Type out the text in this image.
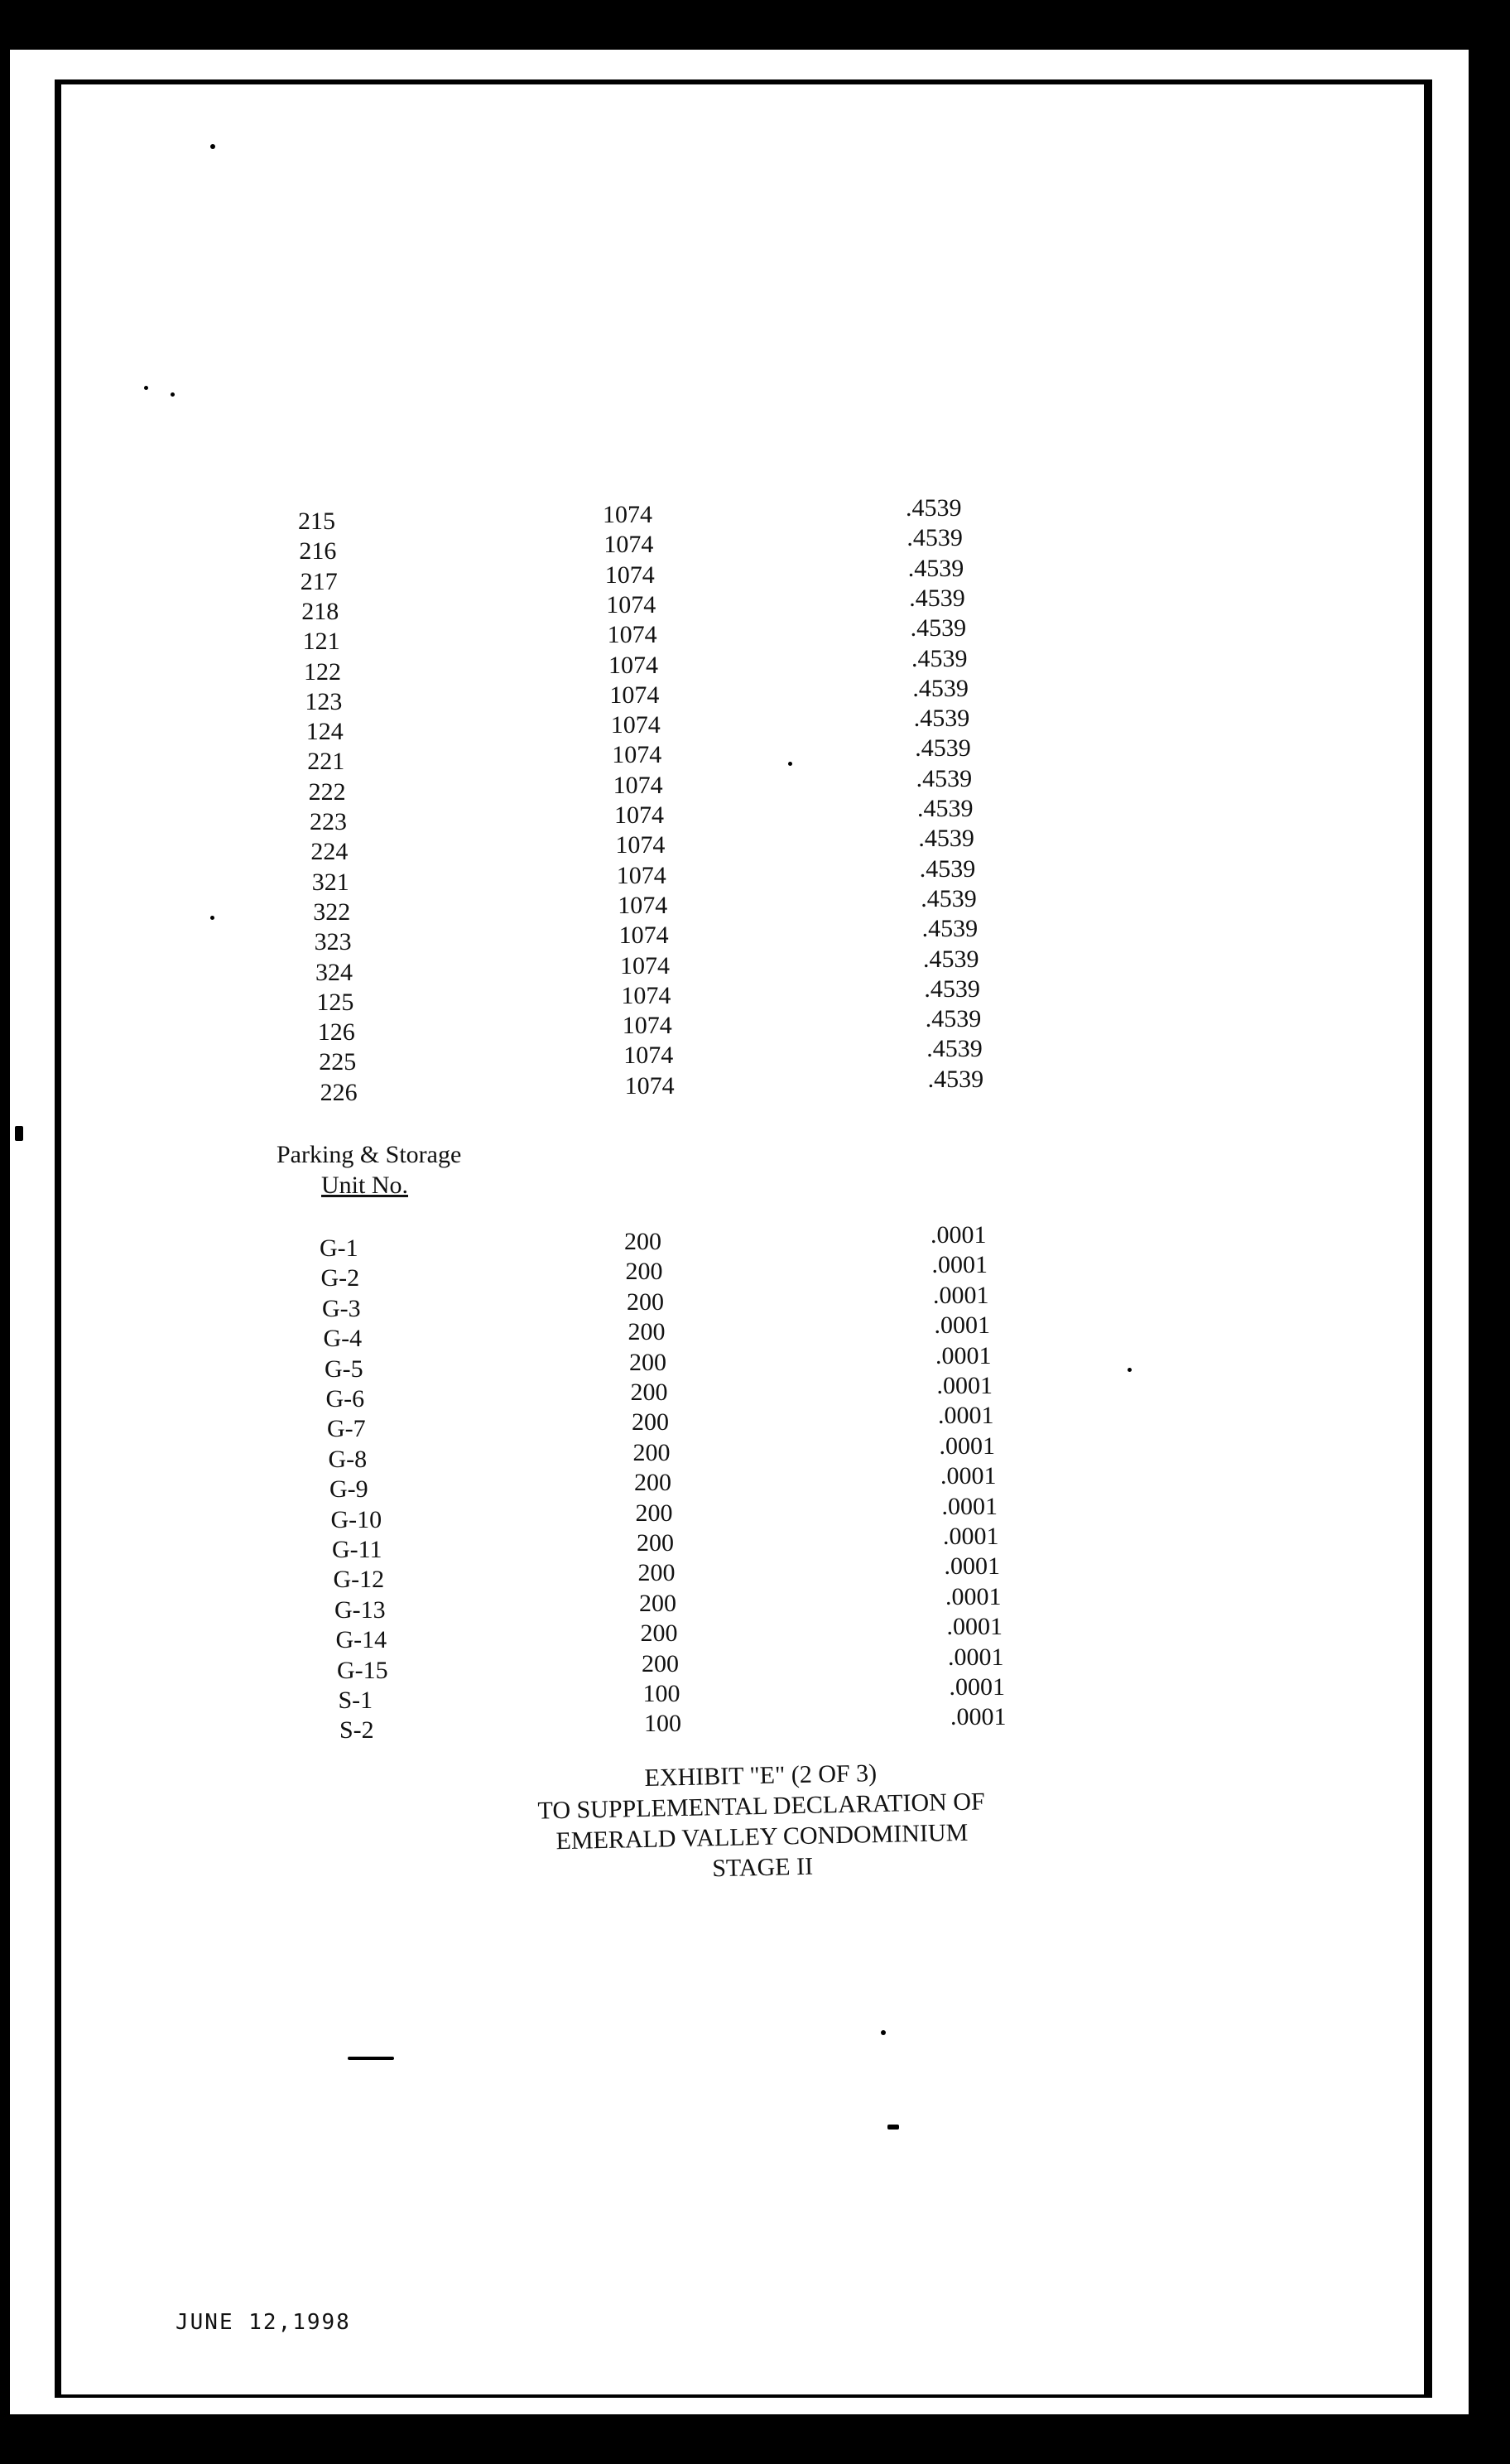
215	1074	.4539
216	1074	.4539
217	1074	.4539
218	1074	.4539
121	1074	.4539
122	1074	.4539
123	1074	.4539
124	1074	.4539
221	1074	.4539
222	1074	.4539
223	1074	.4539
224	1074	.4539
321	1074	.4539
322	1074	.4539
323	1074	.4539
324	1074	.4539
125	1074	.4539
126	1074	.4539
225	1074	.4539
226	1074	.4539
Parking & Storage
Unit No.
G-1	200	.0001
G-2	200	.0001
G-3	200	.0001
G-4	200	.0001
G-5	200	.0001
G-6	200	.0001
G-7	200	.0001
G-8	200	.0001
G-9	200	.0001
G-10	200	.0001
G-11	200	.0001
G-12	200	.0001
G-13	200	.0001
G-14	200	.0001
G-15	200	.0001
S-1	100	.0001
S-2	100	.0001
EXHIBIT "E" (2 OF 3)
TO SUPPLEMENTAL DECLARATION OF
EMERALD VALLEY CONDOMINIUM
STAGE II
JUNE 12,1998
